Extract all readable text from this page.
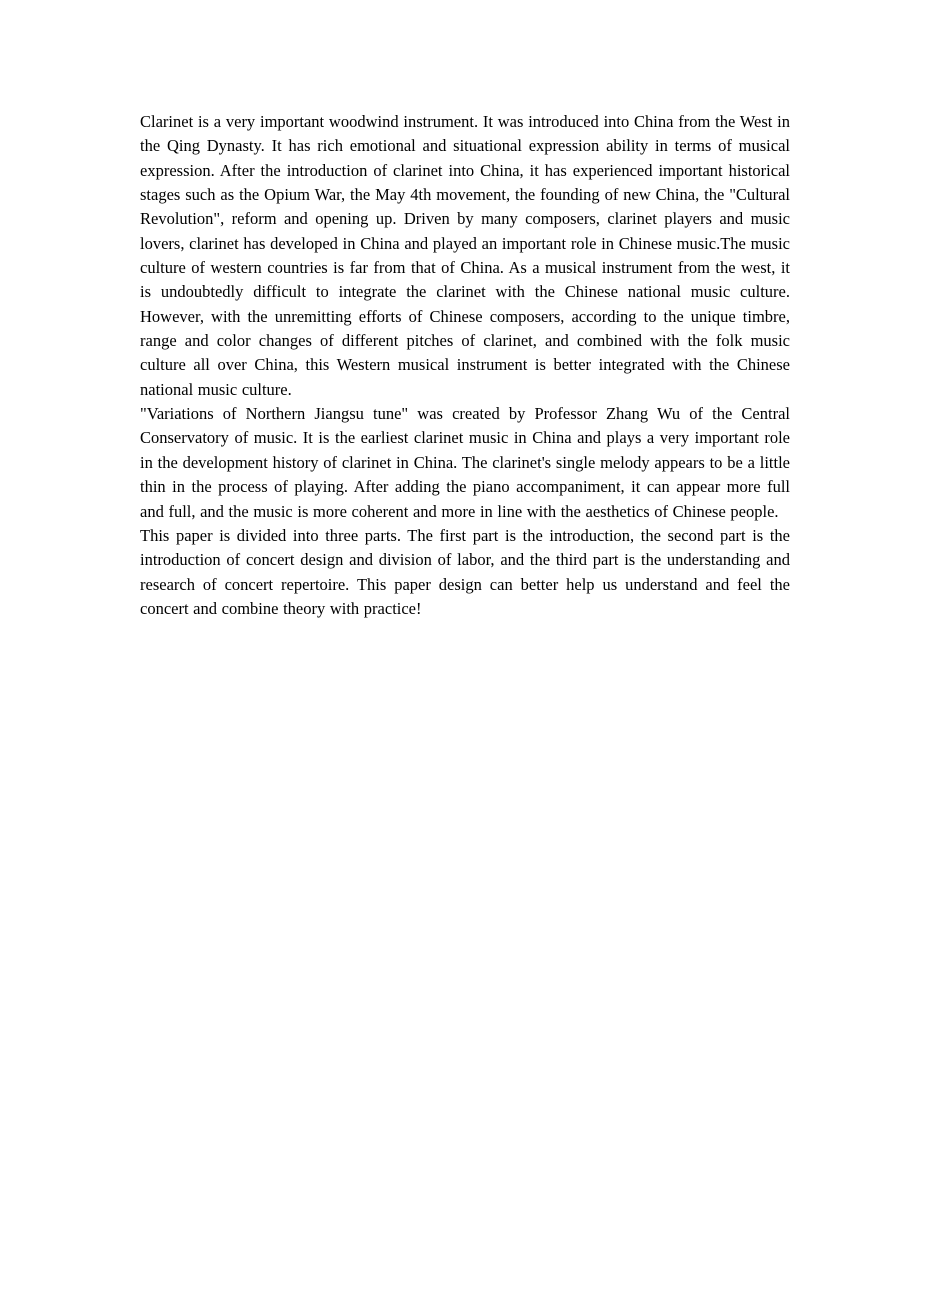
Clarinet is a very important woodwind instrument. It was introduced into China from the West in the Qing Dynasty. It has rich emotional and situational expression ability in terms of musical expression. After the introduction of clarinet into China, it has experienced important historical stages such as the Opium War, the May 4th movement, the founding of new China, the "Cultural Revolution", reform and opening up. Driven by many composers, clarinet players and music lovers, clarinet has developed in China and played an important role in Chinese music.The music culture of western countries is far from that of China. As a musical instrument from the west, it is undoubtedly difficult to integrate the clarinet with the Chinese national music culture. However, with the unremitting efforts of Chinese composers, according to the unique timbre, range and color changes of different pitches of clarinet, and combined with the folk music culture all over China, this Western musical instrument is better integrated with the Chinese national music culture.

"Variations of Northern Jiangsu tune" was created by Professor Zhang Wu of the Central Conservatory of music. It is the earliest clarinet music in China and plays a very important role in the development history of clarinet in China. The clarinet's single melody appears to be a little thin in the process of playing. After adding the piano accompaniment, it can appear more full and full, and the music is more coherent and more in line with the aesthetics of Chinese people.

This paper is divided into three parts. The first part is the introduction, the second part is the introduction of concert design and division of labor, and the third part is the understanding and research of concert repertoire. This paper design can better help us understand and feel the concert and combine theory with practice!
